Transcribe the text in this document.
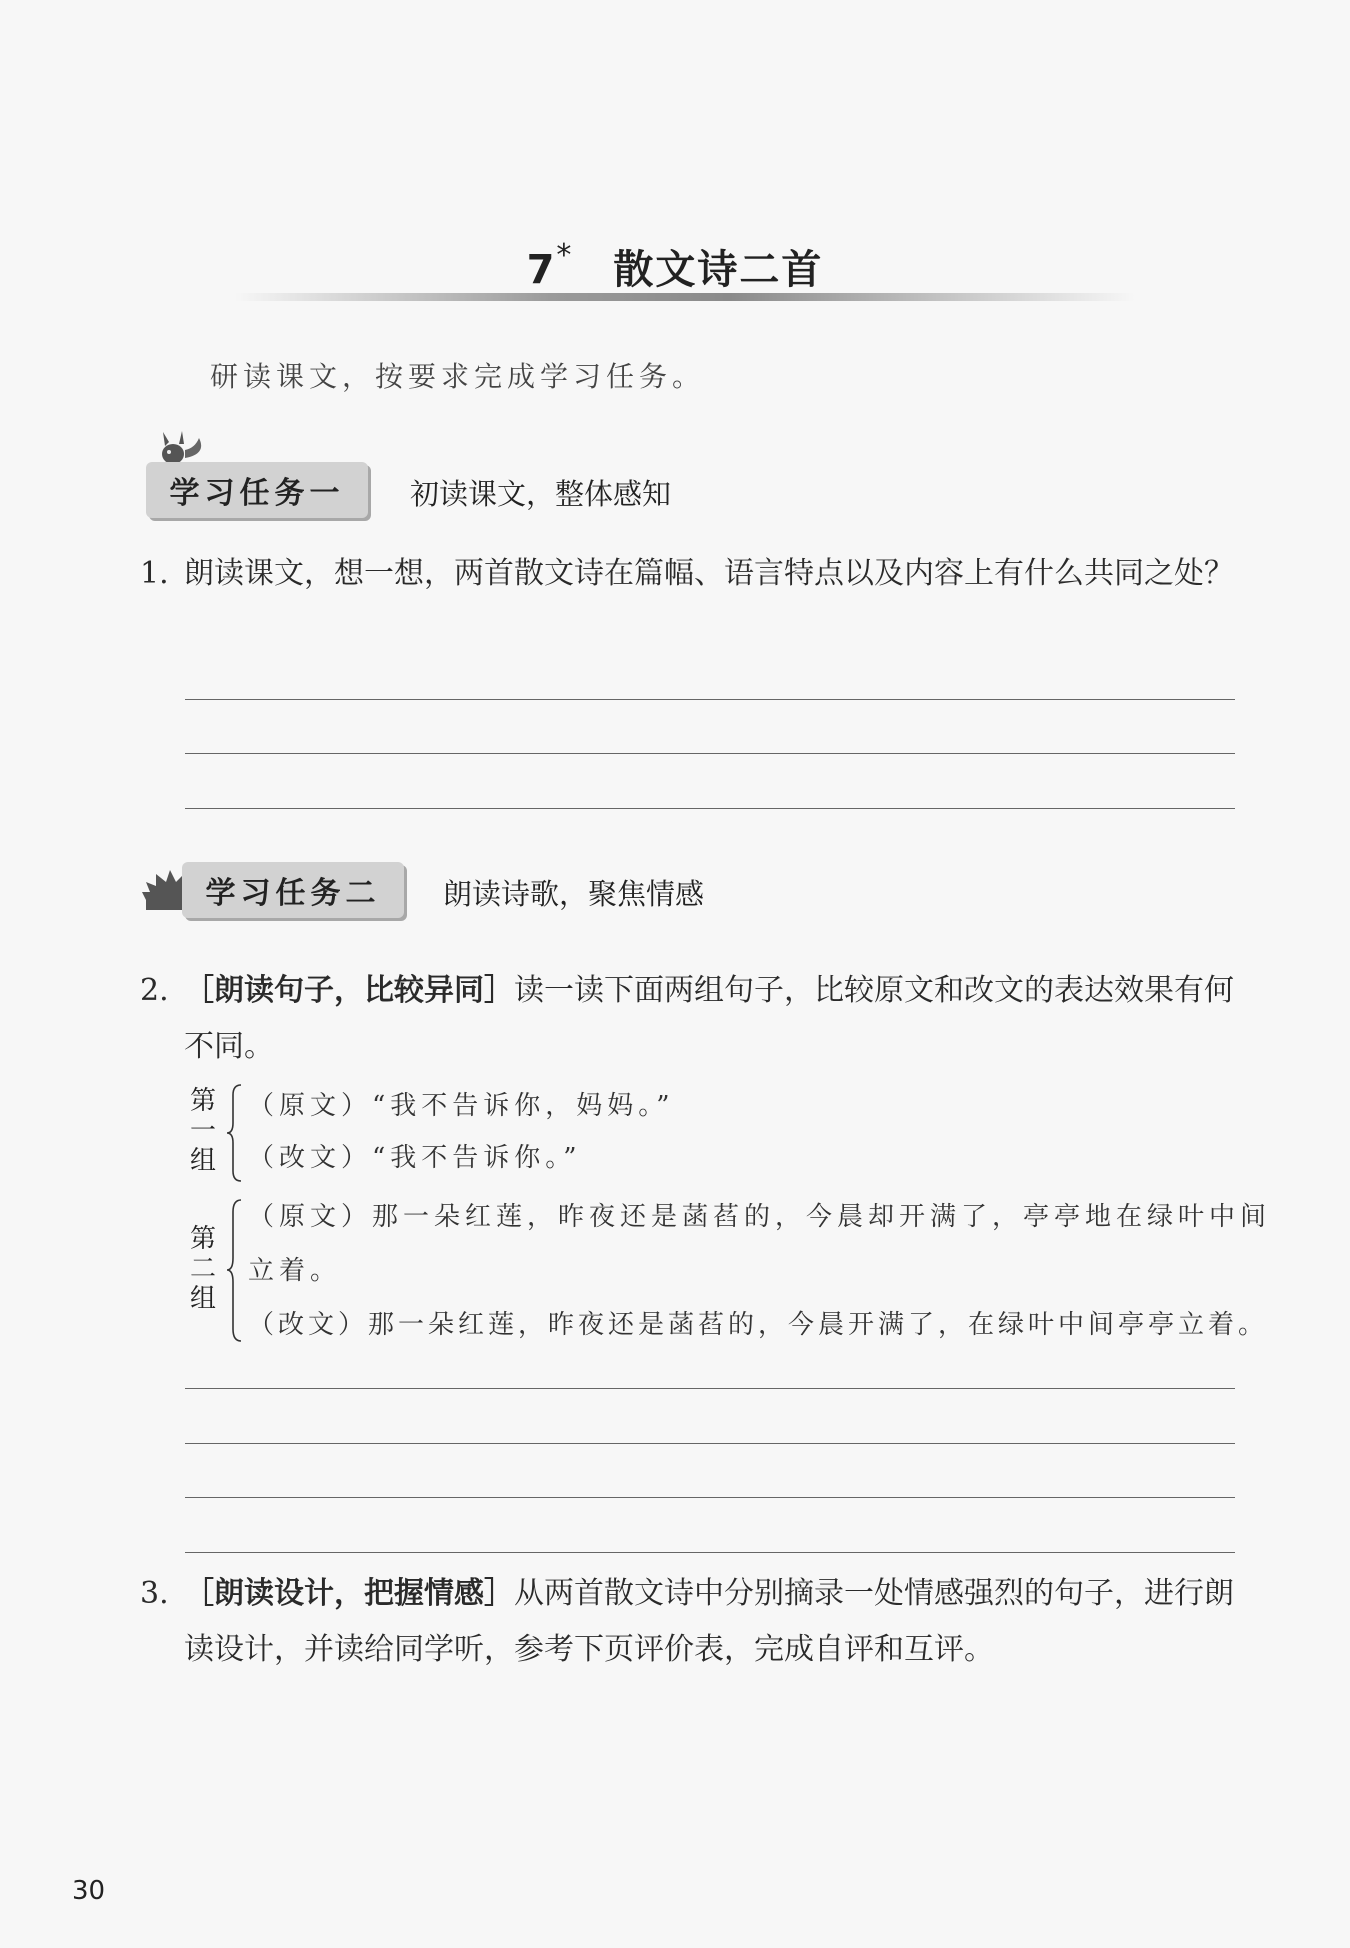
7* 散文诗二首
研读课文，按要求完成学习任务。
学习任务一	初读课文，整体感知
1. 朗读课文，想一想，两首散文诗在篇幅、语言特点以及内容上有什么共同之处？
学习任务二	朗读诗歌，聚焦情感
2. ［朗读句子，比较异同］读一读下面两组句子，比较原文和改文的表达效果有何不同。
第
一
组
（原文）“我不告诉你，妈妈。”
（改文）“我不告诉你。”
第
二
组
（原文）那一朵红莲，昨夜还是菡萏的，今晨却开满了，亭亭地在绿叶中间
立着。
（改文）那一朵红莲，昨夜还是菡萏的，今晨开满了，在绿叶中间亭亭立着。
3. ［朗读设计，把握情感］从两首散文诗中分别摘录一处情感强烈的句子，进行朗读设计，并读给同学听，参考下页评价表，完成自评和互评。
30
